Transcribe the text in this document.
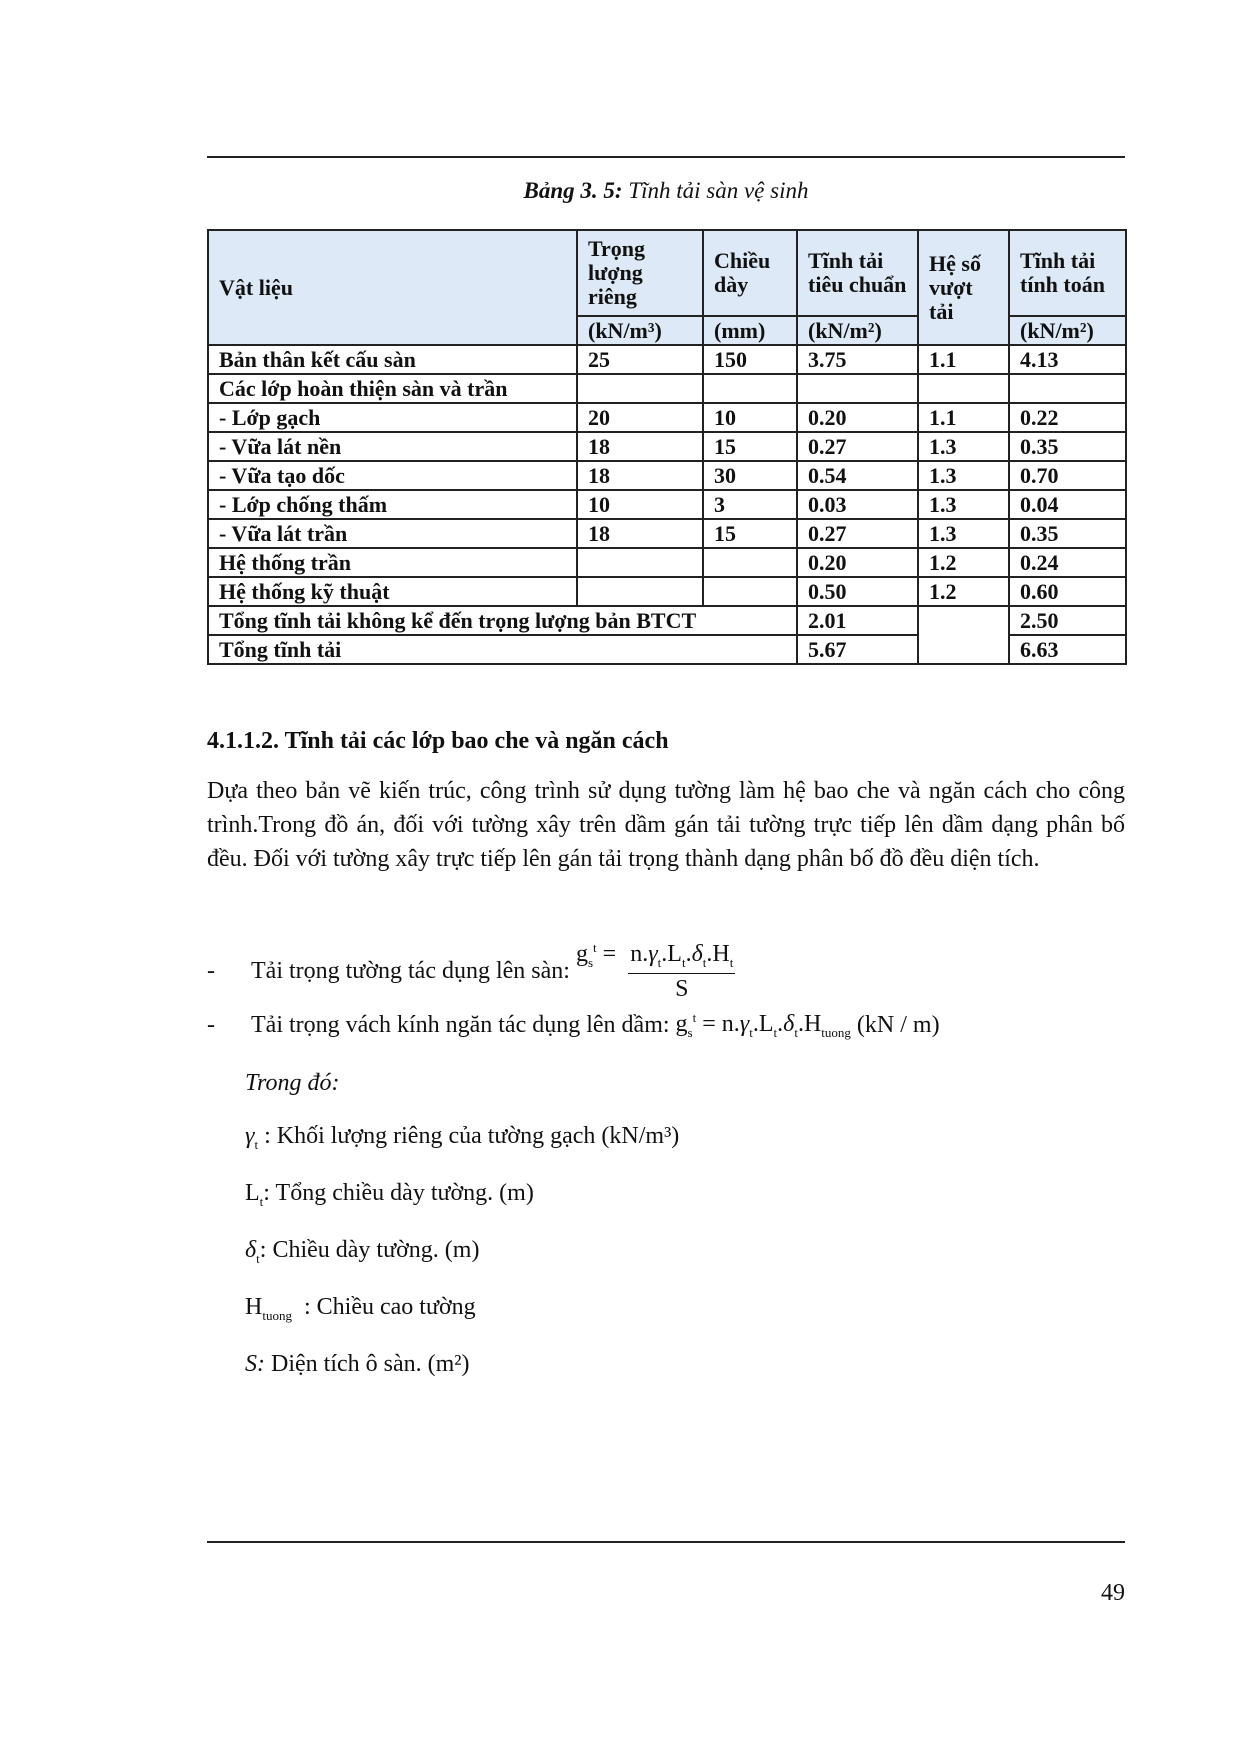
Bảng 3. 5: Tĩnh tải sàn vệ sinh
Vật liệu	Trọng lượng riêng	Chiều dày	Tĩnh tải tiêu chuẩn	Hệ số vượt tải	Tĩnh tải tính toán
	(kN/m³)	(mm)	(kN/m²)		(kN/m²)
Bản thân kết cấu sàn	25	150	3.75	1.1	4.13
Các lớp hoàn thiện sàn và trần					
- Lớp gạch	20	10	0.20	1.1	0.22
- Vữa lát nền	18	15	0.27	1.3	0.35
- Vữa tạo dốc	18	30	0.54	1.3	0.70
- Lớp chống thấm	10	3	0.03	1.3	0.04
- Vữa lát trần	18	15	0.27	1.3	0.35
Hệ thống trần			0.20	1.2	0.24
Hệ thống kỹ thuật			0.50	1.2	0.60
Tổng tĩnh tải không kể đến trọng lượng bản BTCT			2.01		2.50
Tổng tĩnh tải			5.67		6.63
4.1.1.2. Tĩnh tải các lớp bao che và ngăn cách
Dựa theo bản vẽ kiến trúc, công trình sử dụng tường làm hệ bao che và ngăn cách cho công trình.Trong đồ án, đối với tường xây trên dầm gán tải tường trực tiếp lên dầm dạng phân bố đều. Đối với tường xây trực tiếp lên gán tải trọng thành dạng phân bố đồ đều diện tích.
-	Tải trọng tường tác dụng lên sàn:
$g_s^t = \frac{n.\gamma_t.L_t.\delta_t.H_t}{S}$
-	Tải trọng vách kính ngăn tác dụng lên dầm: $g_s^t = n.\gamma_t.L_t.\delta_t.H_{tuong}$ (kN / m)
Trong đó:
$\gamma_t$ : Khối lượng riêng của tường gạch (kN/m³)
$L_t$: Tổng chiều dày tường. (m)
$\delta_t$: Chiều dày tường. (m)
$H_{tuong}$ : Chiều cao tường
S: Diện tích ô sàn. (m²)
49
